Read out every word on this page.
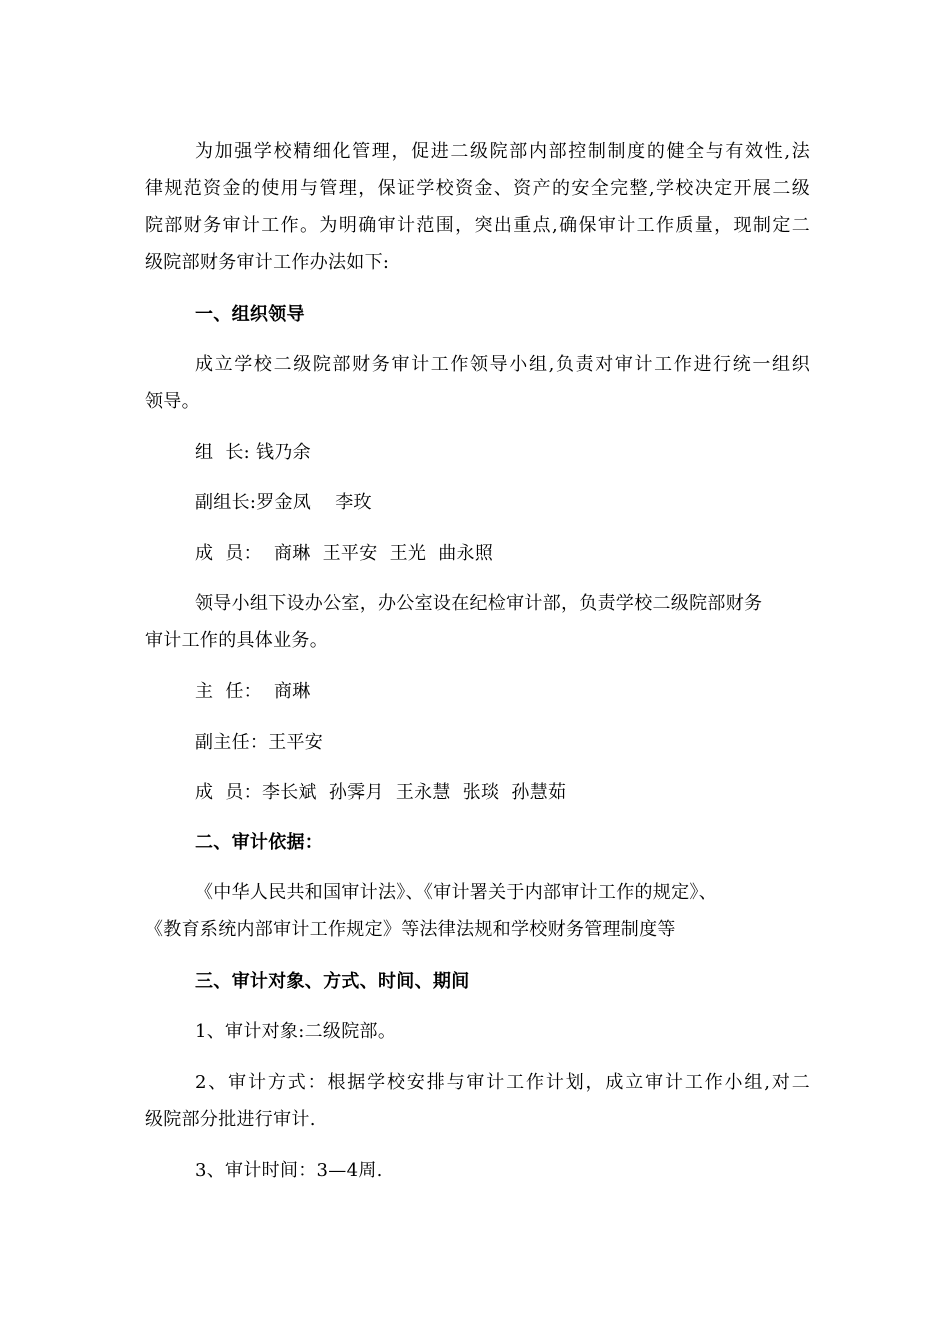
为加强学校精细化管理，促进二级院部内部控制制度的健全与有效性,法
律规范资金的使用与管理，保证学校资金、资产的安全完整,学校决定开展二级
院部财务审计工作。为明确审计范围，突出重点,确保审计工作质量，现制定二
级院部财务审计工作办法如下:
一、组织领导
成立学校二级院部财务审计工作领导小组,负责对审计工作进行统一组织
领导。
组  长: 钱乃余
副组长:罗金凤    李玫
成  员：  商琳  王平安  王光  曲永照
领导小组下设办公室，办公室设在纪检审计部，负责学校二级院部财务
审计工作的具体业务。
主  任：  商琳
副主任：王平安
成  员：李长斌  孙霁月  王永慧  张琰  孙慧茹
二、审计依据：
《中华人民共和国审计法》、《审计署关于内部审计工作的规定》、
《教育系统内部审计工作规定》等法律法规和学校财务管理制度等
三、审计对象、方式、时间、期间
1、审计对象:二级院部。
2、审计方式：根据学校安排与审计工作计划，成立审计工作小组,对二
级院部分批进行审计.
3、审计时间：3—4周.
